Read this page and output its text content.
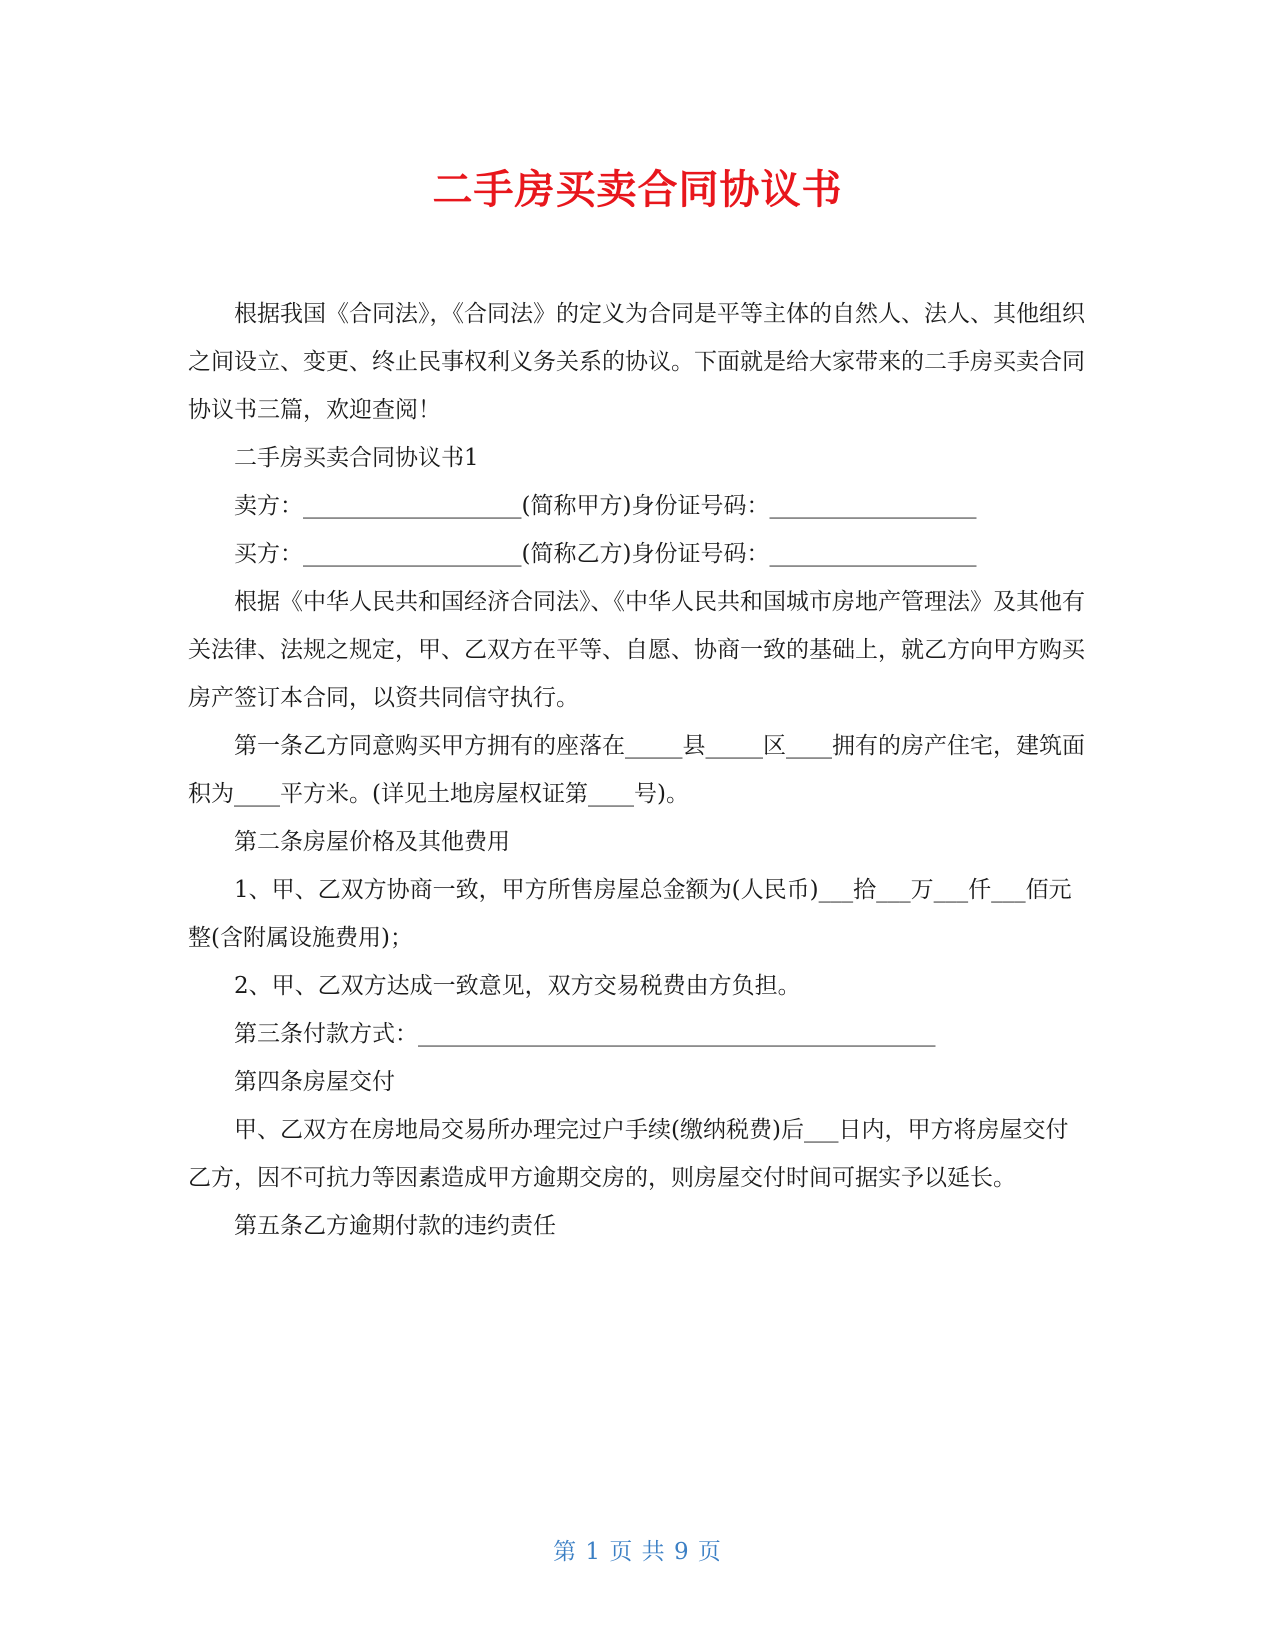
二手房买卖合同协议书

根据我国《合同法》，《合同法》的定义为合同是平等主体的自然人、法人、其他组织之间设立、变更、终止民事权利义务关系的协议。下面就是给大家带来的二手房买卖合同协议书三篇，欢迎查阅！

二手房买卖合同协议书1

卖方：___________________(简称甲方)身份证号码：__________________

买方：___________________(简称乙方)身份证号码：__________________

根据《中华人民共和国经济合同法》、《中华人民共和国城市房地产管理法》及其他有关法律、法规之规定，甲、乙双方在平等、自愿、协商一致的基础上，就乙方向甲方购买房产签订本合同，以资共同信守执行。

第一条乙方同意购买甲方拥有的座落在_____县_____区____拥有的房产住宅，建筑面积为____平方米。(详见土地房屋权证第____号)。

第二条房屋价格及其他费用

1、甲、乙双方协商一致，甲方所售房屋总金额为(人民币)___拾___万___仟___佰元整(含附属设施费用)；

2、甲、乙双方达成一致意见，双方交易税费由方负担。

第三条付款方式：_____________________________________________

第四条房屋交付

甲、乙双方在房地局交易所办理完过户手续(缴纳税费)后___日内，甲方将房屋交付乙方，因不可抗力等因素造成甲方逾期交房的，则房屋交付时间可据实予以延长。

第五条乙方逾期付款的违约责任

第 1 页 共 9 页
